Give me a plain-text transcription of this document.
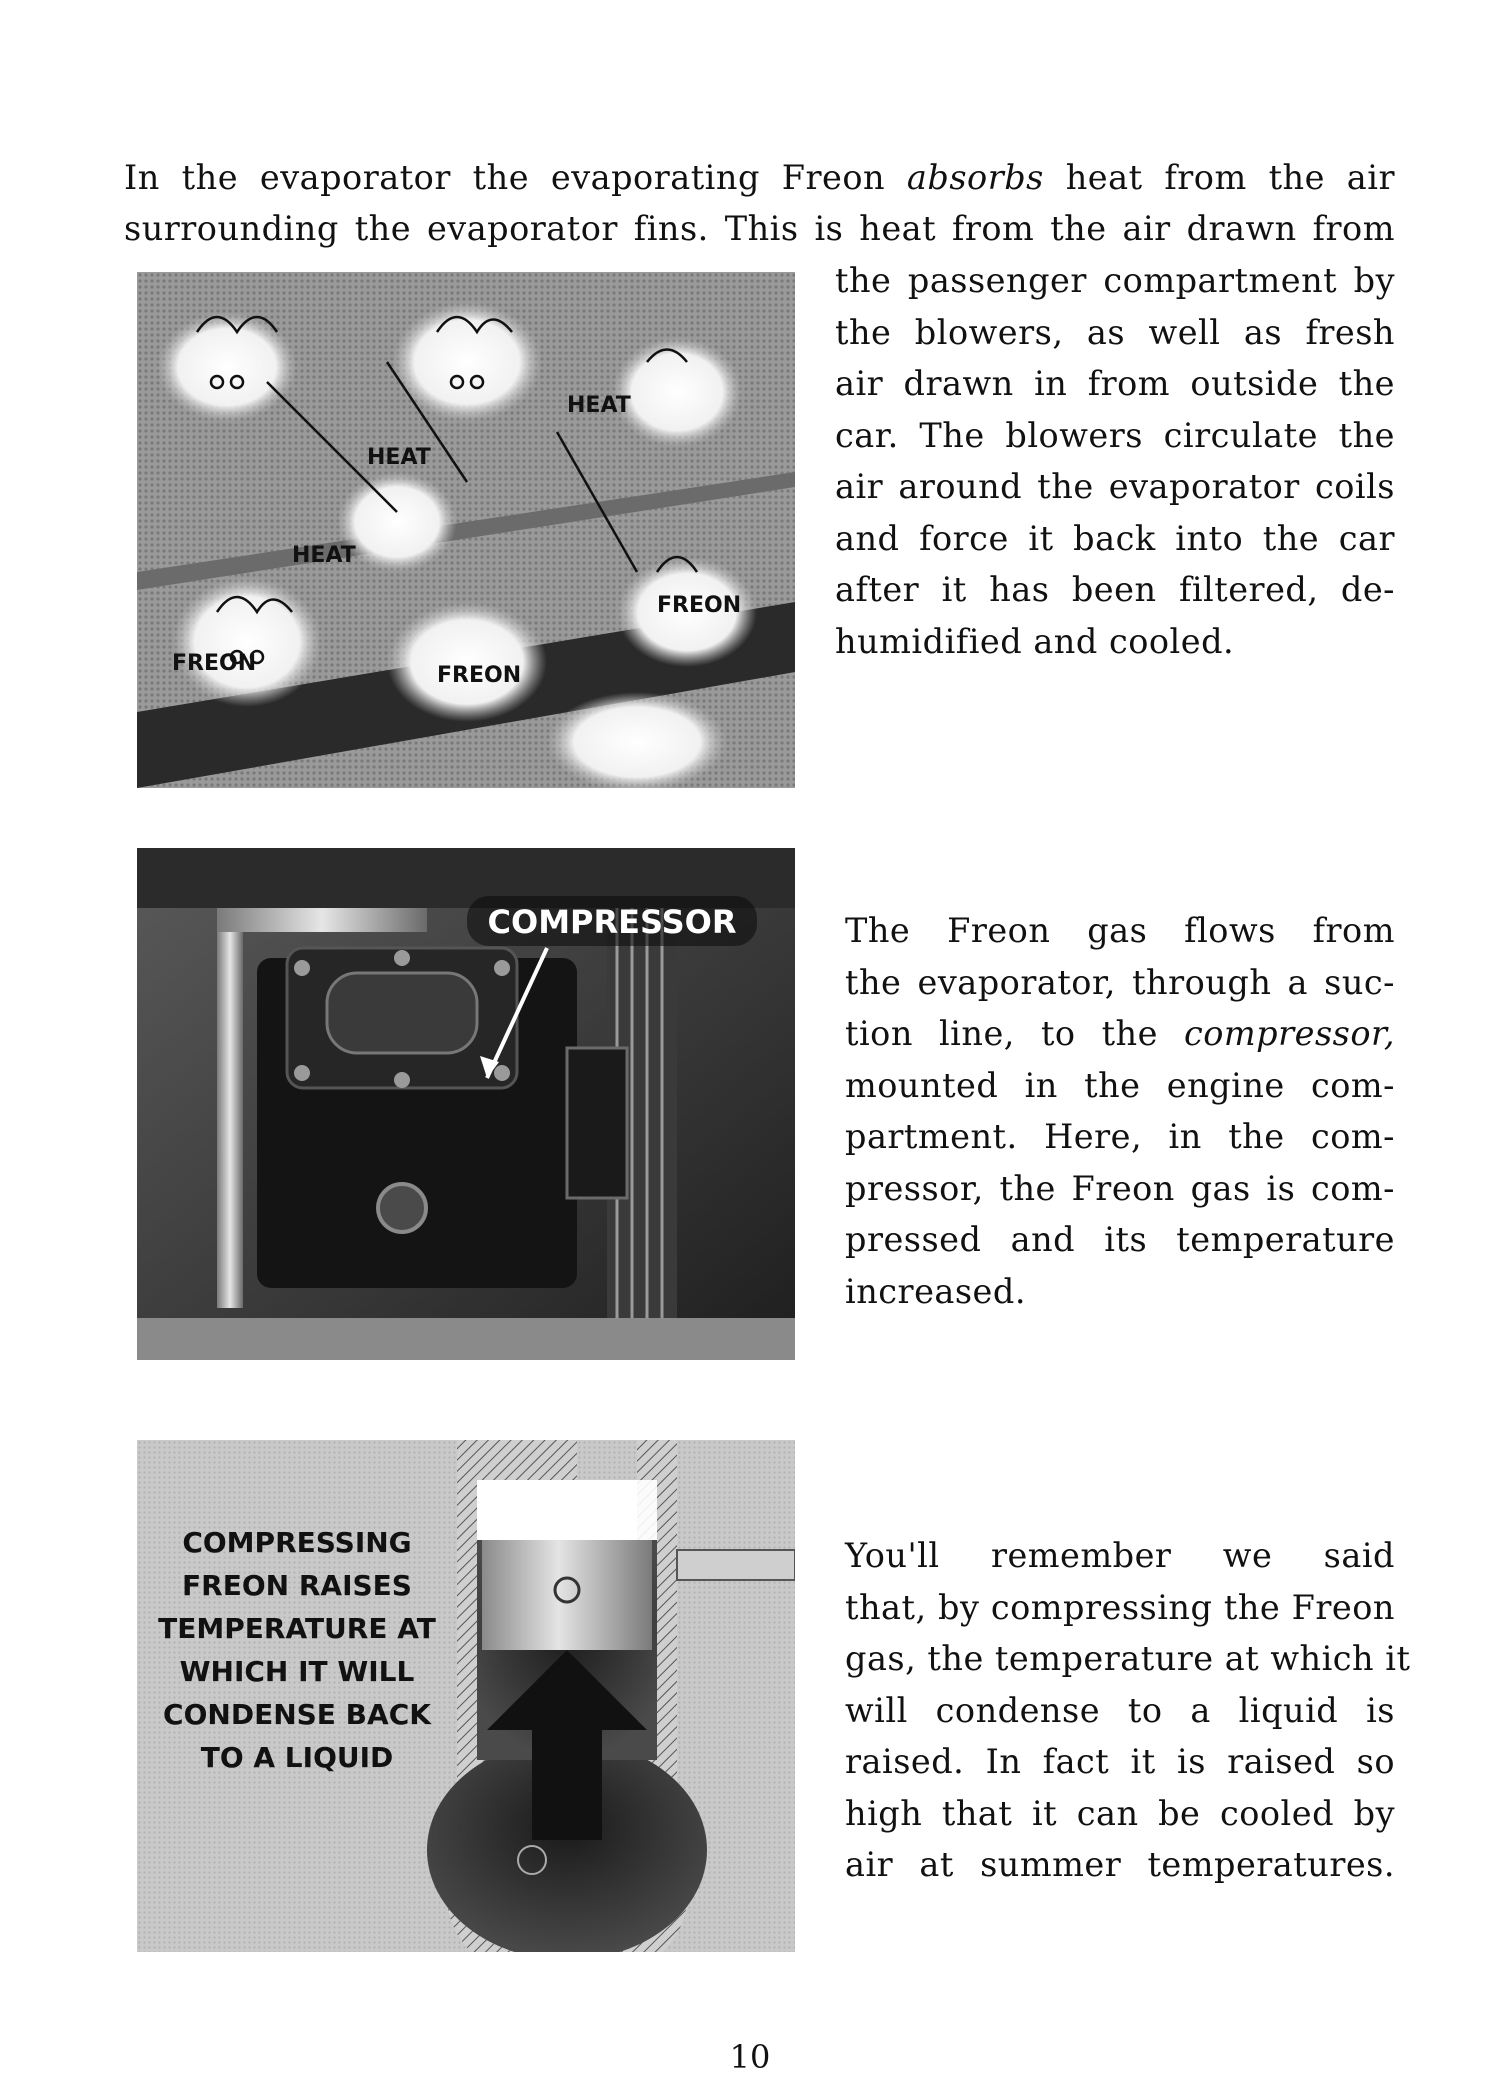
In the evaporator the evaporating Freon absorbs heat from the air

surrounding the evaporator fins. This is heat from the air drawn from

HEAT
HEAT
HEAT
FREON	FREON
FREON
the passenger compartment by
the blowers, as well as fresh
air drawn in from outside the
car. The blowers circulate the
air around the evaporator coils
and force it back into the car
after it has been filtered, de-
humidified and cooled.
COMPRESSOR	The Freon gas flows from
the evaporator, through a suc-
tion line, to the compressor,
mounted in the engine com-
partment. Here, in the com-
pressor, the Freon gas is com-
pressed and its temperature
increased.
COMPRESSING
FREON RAISES
TEMPERATURE AT
WHICH IT WILL
CONDENSE BACK
TO A LIQUID
You'll remember we said
that, by compressing the Freon
gas, the temperature at which it
will condense to a liquid is
raised. In fact it is raised so
high that it can be cooled by
air at summer temperatures.
10
